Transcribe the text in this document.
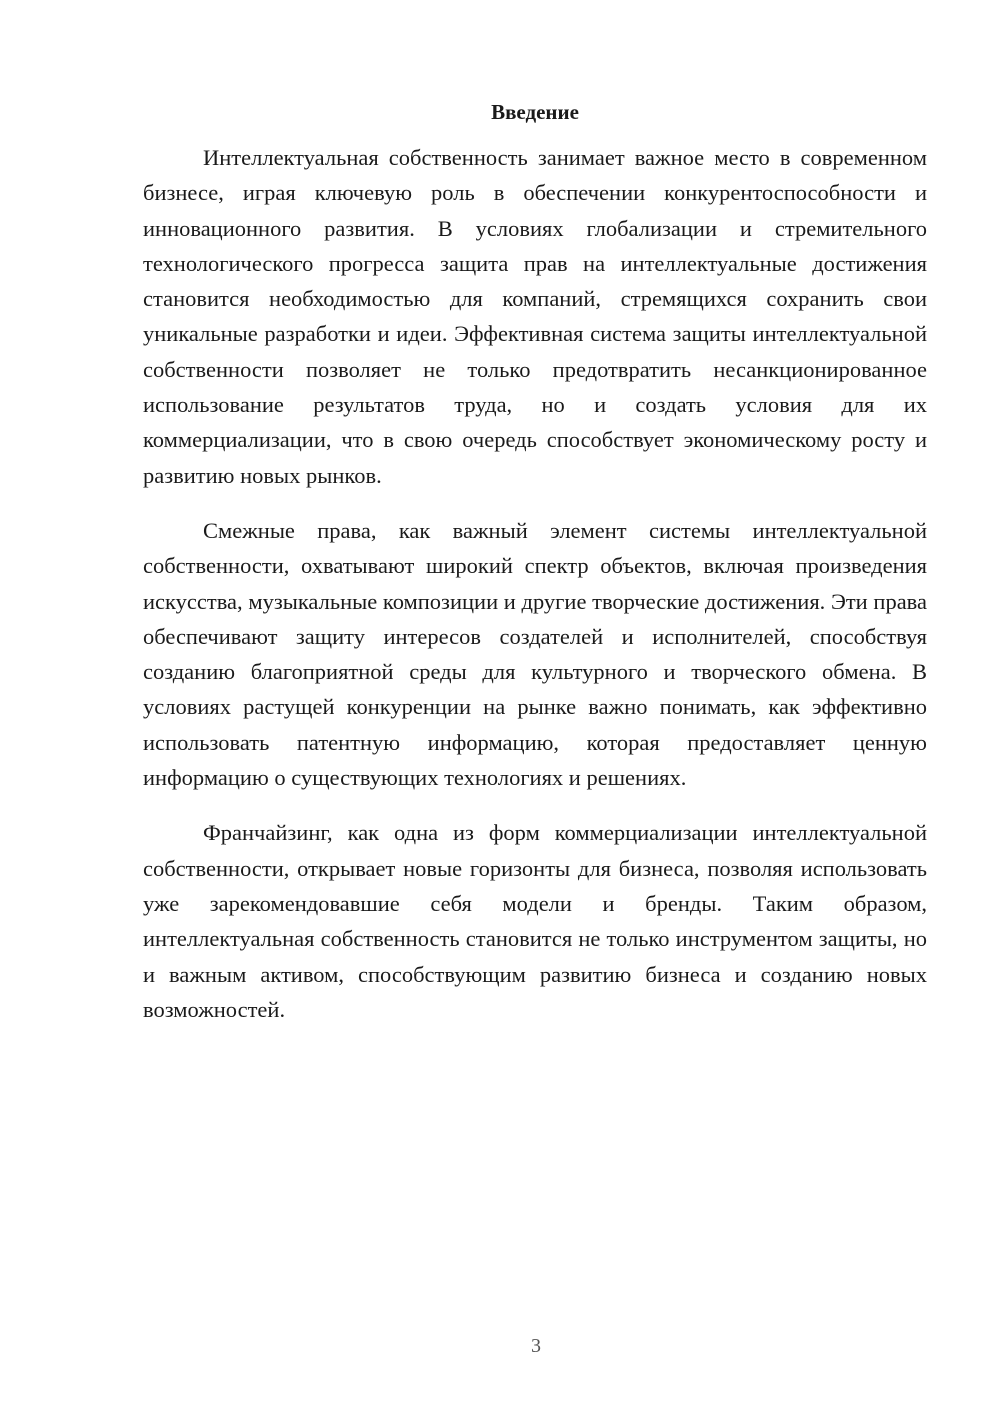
Введение

Интеллектуальная собственность занимает важное место в современном бизнесе, играя ключевую роль в обеспечении конкурентоспособности и инновационного развития. В условиях глобализации и стремительного технологического прогресса защита прав на интеллектуальные достижения становится необходимостью для компаний, стремящихся сохранить свои уникальные разработки и идеи. Эффективная система защиты интеллектуальной собственности позволяет не только предотвратить несанкционированное использование результатов труда, но и создать условия для их коммерциализации, что в свою очередь способствует экономическому росту и развитию новых рынков.

Смежные права, как важный элемент системы интеллектуальной собственности, охватывают широкий спектр объектов, включая произведения искусства, музыкальные композиции и другие творческие достижения. Эти права обеспечивают защиту интересов создателей и исполнителей, способствуя созданию благоприятной среды для культурного и творческого обмена. В условиях растущей конкуренции на рынке важно понимать, как эффективно использовать патентную информацию, которая предоставляет ценную информацию о существующих технологиях и решениях.

Франчайзинг, как одна из форм коммерциализации интеллектуальной собственности, открывает новые горизонты для бизнеса, позволяя использовать уже зарекомендовавшие себя модели и бренды. Таким образом, интеллектуальная собственность становится не только инструментом защиты, но и важным активом, способствующим развитию бизнеса и созданию новых возможностей.

3
